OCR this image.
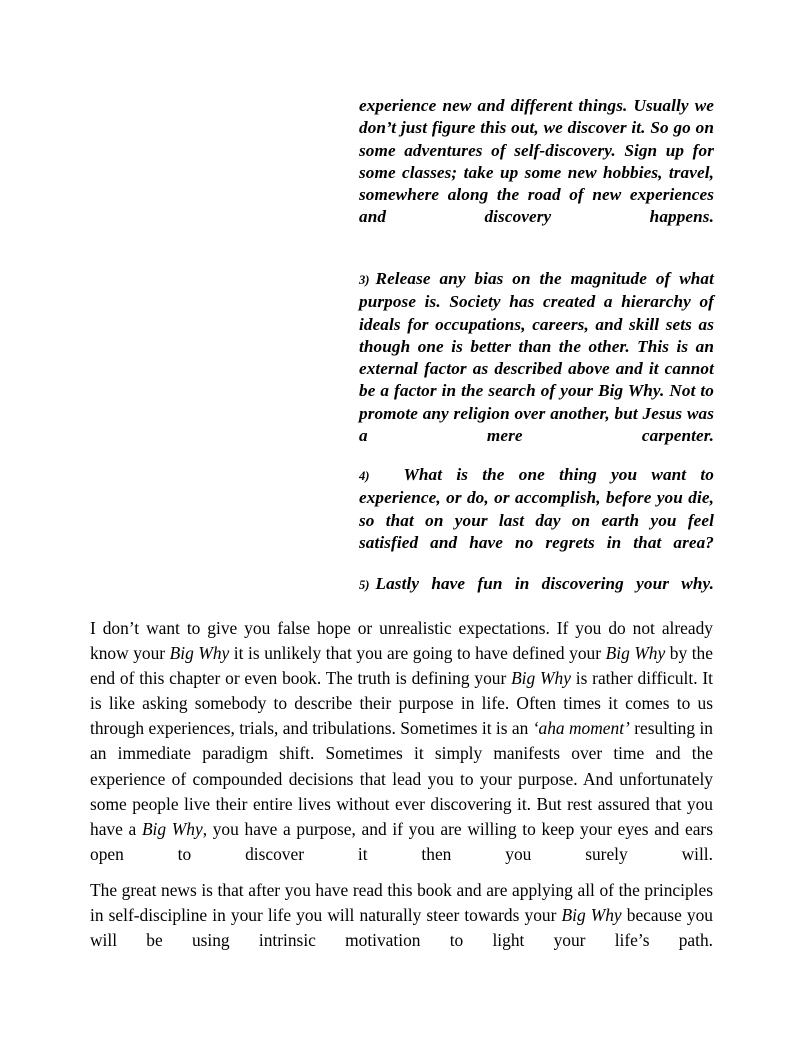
experience new and different things. Usually we don’t just figure this out, we discover it. So go on some adventures of self-discovery. Sign up for some classes; take up some new hobbies, travel, somewhere along the road of new experiences and discovery happens.

3) Release any bias on the magnitude of what purpose is. Society has created a hierarchy of ideals for occupations, careers, and skill sets as though one is better than the other. This is an external factor as described above and it cannot be a factor in the search of your Big Why. Not to promote any religion over another, but Jesus was a mere carpenter.

4) What is the one thing you want to experience, or do, or accomplish, before you die, so that on your last day on earth you feel satisfied and have no regrets in that area?

5) Lastly have fun in discovering your why.

I don’t want to give you false hope or unrealistic expectations. If you do not already know your Big Why it is unlikely that you are going to have defined your Big Why by the end of this chapter or even book. The truth is defining your Big Why is rather difficult. It is like asking somebody to describe their purpose in life. Often times it comes to us through experiences, trials, and tribulations. Sometimes it is an ‘aha moment’ resulting in an immediate paradigm shift. Sometimes it simply manifests over time and the experience of compounded decisions that lead you to your purpose. And unfortunately some people live their entire lives without ever discovering it. But rest assured that you have a Big Why, you have a purpose, and if you are willing to keep your eyes and ears open to discover it then you surely will.

The great news is that after you have read this book and are applying all of the principles in self-discipline in your life you will naturally steer towards your Big Why because you will be using intrinsic motivation to light your life’s path.
